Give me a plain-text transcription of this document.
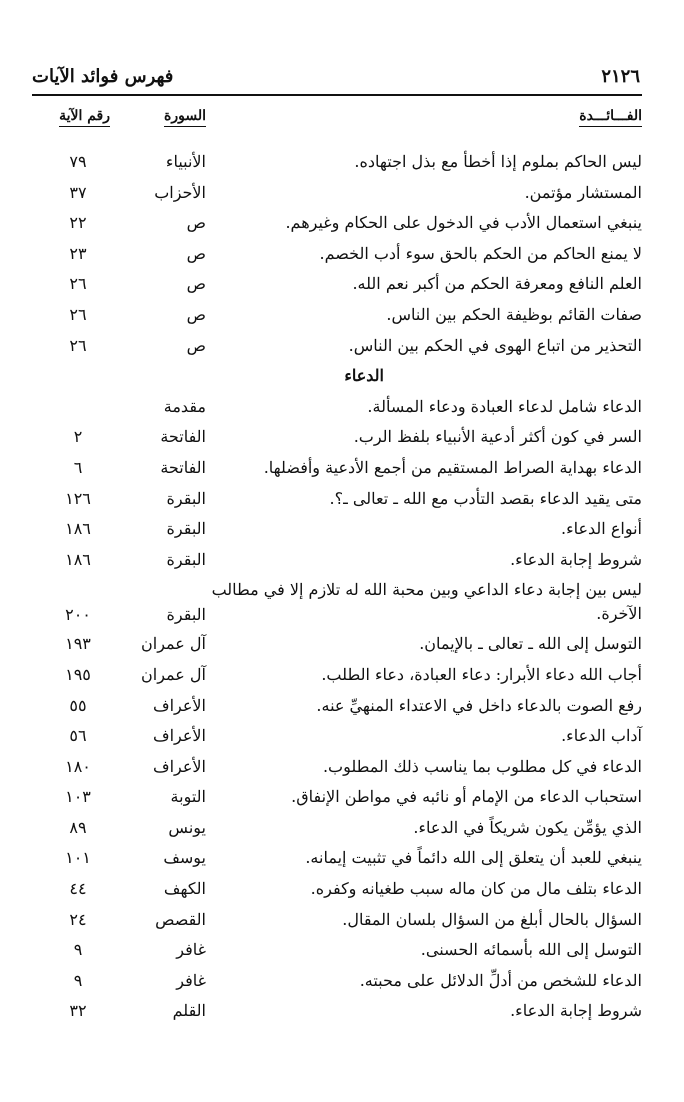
٢١٢٦
فهرس فوائد الآيات
الفـــائـــدة
السورة
رقم الآية
ليس الحاكم بملوم إذا أخطأ مع بذل اجتهاده.
الأنبياء
٧٩
المستشار مؤتمن.
الأحزاب
٣٧
ينبغي استعمال الأدب في الدخول على الحكام وغيرهم.
ص
٢٢
لا يمنع الحاكم من الحكم بالحق سوء أدب الخصم.
ص
٢٣
العلم النافع ومعرفة الحكم من أكبر نعم الله.
ص
٢٦
صفات القائم بوظيفة الحكم بين الناس.
ص
٢٦
التحذير من اتباع الهوى في الحكم بين الناس.
ص
٢٦
الدعاء
الدعاء شامل لدعاء العبادة ودعاء المسألة.
مقدمة
السر في كون أكثر أدعية الأنبياء بلفظ الرب.
الفاتحة
٢
الدعاء بهداية الصراط المستقيم من أجمع الأدعية وأفضلها.
الفاتحة
٦
متى يقيد الدعاء بقصد التأدب مع الله ـ تعالى ـ؟.
البقرة
١٢٦
أنواع الدعاء.
البقرة
١٨٦
شروط إجابة الدعاء.
البقرة
١٨٦
ليس بين إجابة دعاء الداعي وبين محبة الله له تلازم إلا في مطالب الآخرة.
البقرة
٢٠٠
التوسل إلى الله ـ تعالى ـ بالإيمان.
آل عمران
١٩٣
أجاب الله دعاء الأبرار: دعاء العبادة، دعاء الطلب.
آل عمران
١٩٥
رفع الصوت بالدعاء داخل في الاعتداء المنهيِّ عنه.
الأعراف
٥٥
آداب الدعاء.
الأعراف
٥٦
الدعاء في كل مطلوب بما يناسب ذلك المطلوب.
الأعراف
١٨٠
استحباب الدعاء من الإمام أو نائبه في مواطن الإنفاق.
التوبة
١٠٣
الذي يؤمِّن يكون شريكاً في الدعاء.
يونس
٨٩
ينبغي للعبد أن يتعلق إلى الله دائماً في تثبيت إيمانه.
يوسف
١٠١
الدعاء بتلف مال من كان ماله سبب طغيانه وكفره.
الكهف
٤٤
السؤال بالحال أبلغ من السؤال بلسان المقال.
القصص
٢٤
التوسل إلى الله بأسمائه الحسنى.
غافر
٩
الدعاء للشخص من أدلِّ الدلائل على محبته.
غافر
٩
شروط إجابة الدعاء.
القلم
٣٢
